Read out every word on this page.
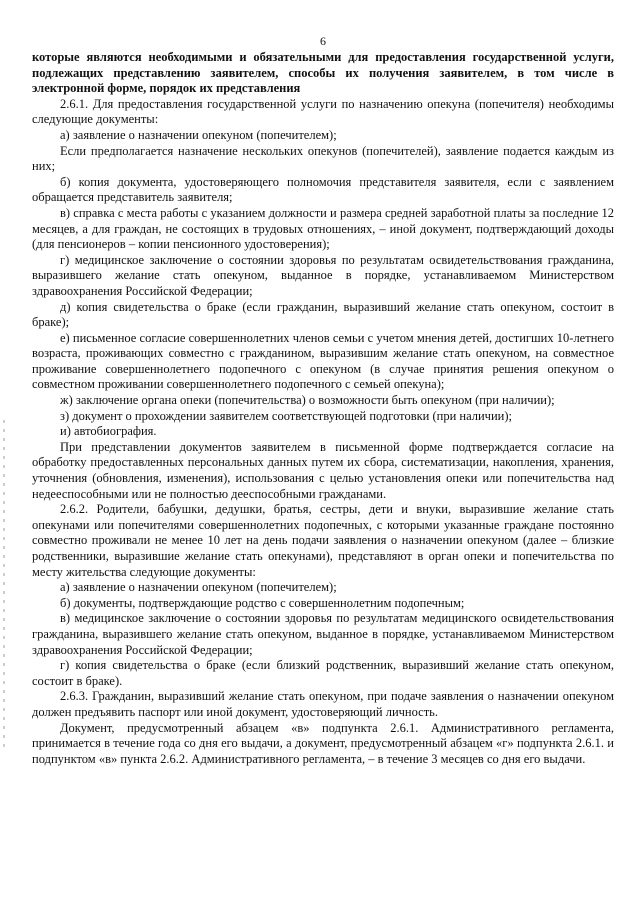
6

которые являются необходимыми и обязательными для предоставления государственной услуги, подлежащих представлению заявителем, способы их получения заявителем, в том числе в электронной форме, порядок их представления

2.6.1. Для предоставления государственной услуги по назначению опекуна (попечителя) необходимы следующие документы:

а) заявление о назначении опекуном (попечителем);

Если предполагается назначение нескольких опекунов (попечителей), заявление подается каждым из них;

б) копия документа, удостоверяющего полномочия представителя заявителя, если с заявлением обращается представитель заявителя;

в) справка с места работы с указанием должности и размера средней заработной платы за последние 12 месяцев, а для граждан, не состоящих в трудовых отношениях, – иной документ, подтверждающий доходы (для пенсионеров – копии пенсионного удостоверения);

г) медицинское заключение о состоянии здоровья по результатам освидетельствования гражданина, выразившего желание стать опекуном, выданное в порядке, устанавливаемом Министерством здравоохранения Российской Федерации;

д) копия свидетельства о браке (если гражданин, выразивший желание стать опекуном, состоит в браке);

е) письменное согласие совершеннолетних членов семьи с учетом мнения детей, достигших 10-летнего возраста, проживающих совместно с гражданином, выразившим желание стать опекуном, на совместное проживание совершеннолетнего подопечного с опекуном (в случае принятия решения опекуном о совместном проживании совершеннолетнего подопечного с семьей опекуна);

ж) заключение органа опеки (попечительства) о возможности быть опекуном (при наличии);

з) документ о прохождении заявителем соответствующей подготовки (при наличии);

и) автобиография.

При представлении документов заявителем в письменной форме подтверждается согласие на обработку предоставленных персональных данных путем их сбора, систематизации, накопления, хранения, уточнения (обновления, изменения), использования с целью установления опеки или попечительства над недееспособными или не полностью дееспособными гражданами.

2.6.2. Родители, бабушки, дедушки, братья, сестры, дети и внуки, выразившие желание стать опекунами или попечителями совершеннолетних подопечных, с которыми указанные граждане постоянно совместно проживали не менее 10 лет на день подачи заявления о назначении опекуном (далее – близкие родственники, выразившие желание стать опекунами), представляют в орган опеки и попечительства по месту жительства следующие документы:

а) заявление о назначении опекуном (попечителем);

б) документы, подтверждающие родство с совершеннолетним подопечным;

в) медицинское заключение о состоянии здоровья по результатам медицинского освидетельствования гражданина, выразившего желание стать опекуном, выданное в порядке, устанавливаемом Министерством здравоохранения Российской Федерации;

г) копия свидетельства о браке (если близкий родственник, выразивший желание стать опекуном, состоит в браке).

2.6.3. Гражданин, выразивший желание стать опекуном, при подаче заявления о назначении опекуном должен предъявить паспорт или иной документ, удостоверяющий личность.

Документ, предусмотренный абзацем «в» подпункта 2.6.1. Административного регламента, принимается в течение года со дня его выдачи, а документ, предусмотренный абзацем «г» подпункта 2.6.1. и подпунктом «в» пункта 2.6.2. Административного регламента, – в течение 3 месяцев со дня его выдачи.
